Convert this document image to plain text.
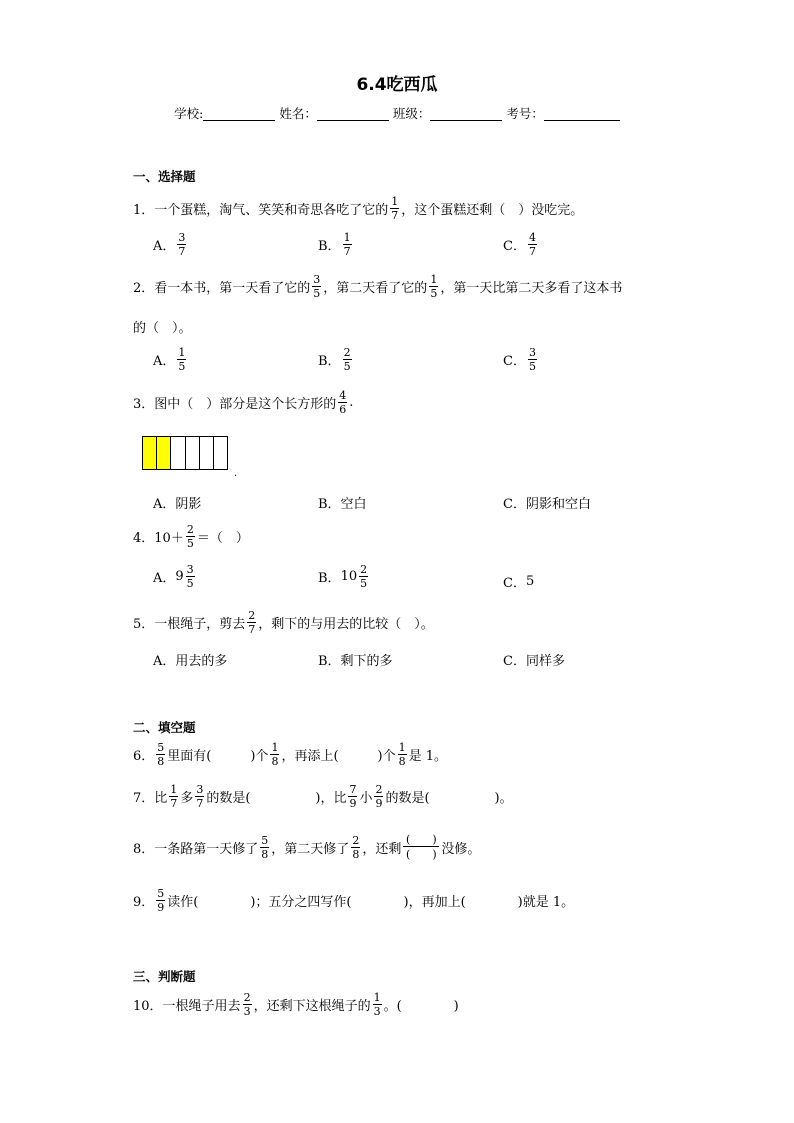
6.4吃西瓜
学校:	姓名：	班级：	考号：
一、选择题
1． 一个蛋糕，淘气、笑笑和奇思各吃了它的 $\frac{1}{7}$ ，这个蛋糕还剩（　）没吃完。
A． $\frac{3}{7}$	B． $\frac{1}{7}$	C． $\frac{4}{7}$
2． 看一本书，第一天看了它的 $\frac{3}{5}$ ，第二天看了它的 $\frac{1}{5}$ ，第一天比第二天多看了这本书
的（　）。
A． $\frac{1}{5}$	B． $\frac{2}{5}$	C． $\frac{3}{5}$
3． 图中（　）部分是这个长方形的 $\frac{4}{6}$ .
.
A．阴影	B．空白	C．阴影和空白
4． $10+ \frac{2}{5}$ ＝（　）
A． $9 \frac{3}{5}$	B． $10 \frac{2}{5}$	C． 5
5． 一根绳子，剪去 $\frac{2}{7}$ ，剩下的与用去的比较（　）。
A．用去的多	B．剩下的多	C．同样多
二、填空题
6． $\frac{5}{8}$ 里面有(　　　)个 $\frac{1}{8}$ ，再添上(　　　)个 $\frac{1}{8}$ 是 1。
7． 比 $\frac{1}{7}$ 多 $\frac{3}{7}$ 的数是(　　　　　)，比 $\frac{7}{9}$ 小 $\frac{2}{9}$ 的数是(　　　　　)。
8． 一条路第一天修了 $\frac{5}{8}$ ，第二天修了 $\frac{2}{8}$ ，还剩 $\frac{( )}{( )}$ 没修。
9． $\frac{5}{9}$ 读作(　　　　)；五分之四写作(　　　　)，再加上(　　　　)就是 1。
三、判断题
10． 一根绳子用去 $\frac{2}{3}$ ，还剩下这根绳子的 $\frac{1}{3}$ 。(　　　　)
